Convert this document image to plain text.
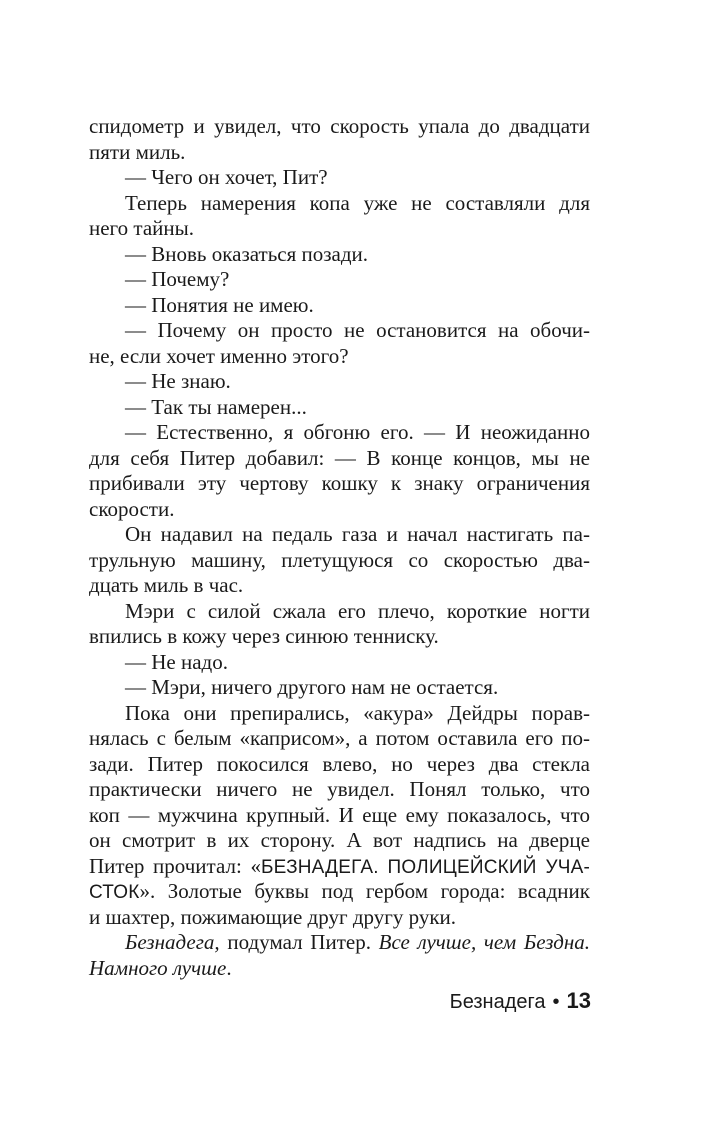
спидометр и увидел, что скорость упала до двадцати
пяти миль.
— Чего он хочет, Пит?
Теперь намерения копа уже не составляли для
него тайны.
— Вновь оказаться позади.
— Почему?
— Понятия не имею.
— Почему он просто не остановится на обочи-
не, если хочет именно этого?
— Не знаю.
— Так ты намерен...
— Естественно, я обгоню его. — И неожиданно
для себя Питер добавил: — В конце концов, мы не
прибивали эту чертову кошку к знаку ограничения
скорости.
Он надавил на педаль газа и начал настигать па-
трульную машину, плетущуюся со скоростью два-
дцать миль в час.
Мэри с силой сжала его плечо, короткие ногти
впились в кожу через синюю тенниску.
— Не надо.
— Мэри, ничего другого нам не остается.
Пока они препирались, «акура» Дейдры порав-
нялась с белым «каприсом», а потом оставила его по-
зади. Питер покосился влево, но через два стекла
практически ничего не увидел. Понял только, что
коп — мужчина крупный. И еще ему показалось, что
он смотрит в их сторону. А вот надпись на дверце
Питер прочитал: «БЕЗНАДЕГА. ПОЛИЦЕЙСКИЙ УЧА-
СТОК». Золотые буквы под гербом города: всадник
и шахтер, пожимающие друг другу руки.
Безнадега, подумал Питер. Все лучше, чем Бездна.
Намного лучше.
Безнадега • 13
